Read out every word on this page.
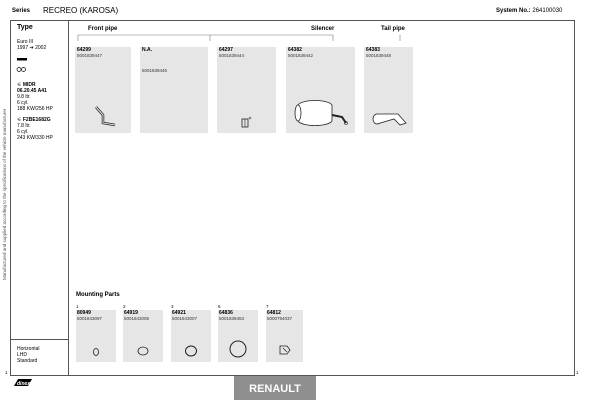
Series RECREO (KAROSA)	System No.: 264100030
Manufactured and supplied according to the specifications of the vehicle manufacturer
Type
Euro III
1997 ➔ 2002
⚟ MIDR
06.20.45 A41
9.8 ltr.
6 cyl.
188 KW/256 HP
⚟ F2BE1682G
7.8 ltr.
6 cyl.
243 KW/330 HP
Horizontal
LHD
Standard
Front pipe	Silencer	Tail pipe
64299
5001839447
N.A.
5001839445
64297
5001839444
64382
5001839442
64383
5001839448
Mounting Parts
1
80949
5001843097
2
64919
5001843006
3
64921
5001843007
6
64836
5001839453
7
64812
5000794037
dinex
1	1
RENAULT
